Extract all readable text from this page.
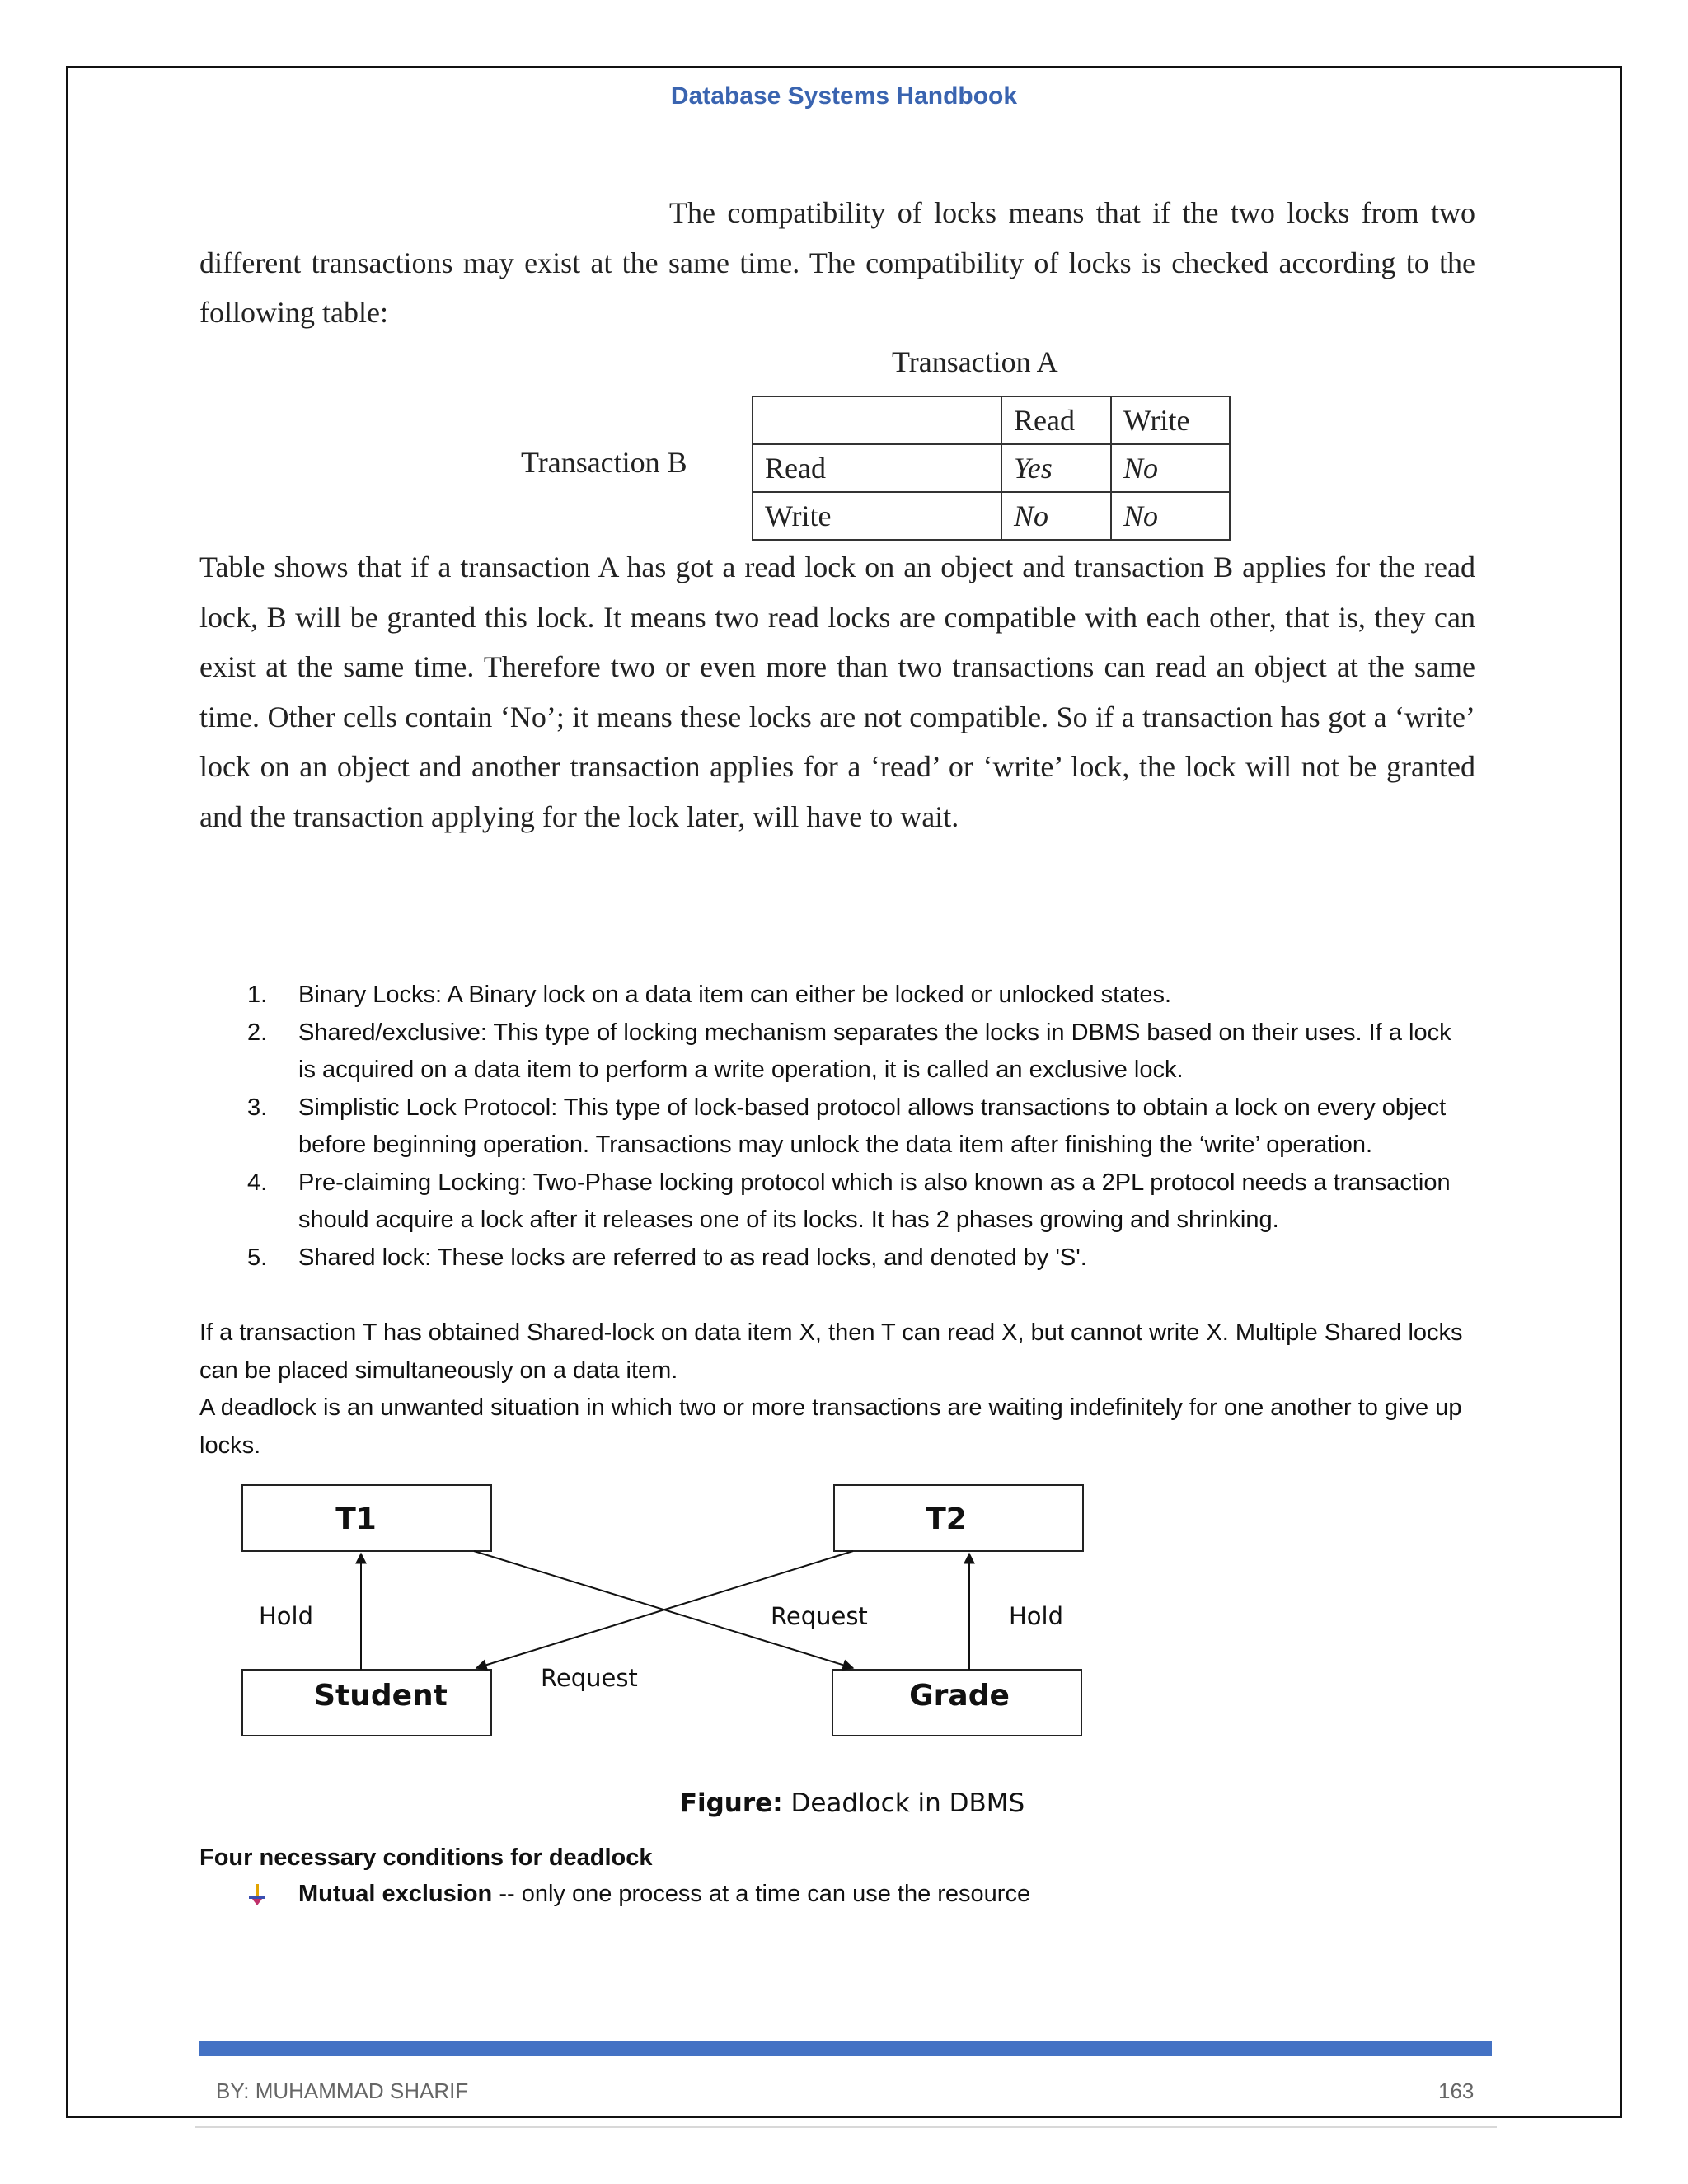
Database Systems Handbook
The compatibility of locks means that if the two locks from two different transactions may exist at the same time. The compatibility of locks is checked according to the following table:
Transaction A
Transaction B
	Read	Write
Read	Yes	No
Write	No	No
Table shows that if a transaction A has got a read lock on an object and transaction B applies for the read lock, B will be granted this lock. It means two read locks are compatible with each other, that is, they can exist at the same time. Therefore two or even more than two transactions can read an object at the same time. Other cells contain ‘No’; it means these locks are not compatible. So if a transaction has got a ‘write’ lock on an object and another transaction applies for a ‘read’ or ‘write’ lock, the lock will not be granted and the transaction applying for the lock later, will have to wait.
Binary Locks: A Binary lock on a data item can either be locked or unlocked states.
Shared/exclusive: This type of locking mechanism separates the locks in DBMS based on their uses. If a lock is acquired on a data item to perform a write operation, it is called an exclusive lock.
Simplistic Lock Protocol: This type of lock-based protocol allows transactions to obtain a lock on every object before beginning operation. Transactions may unlock the data item after finishing the ‘write’ operation.
Pre-claiming Locking: Two-Phase locking protocol which is also known as a 2PL protocol needs a transaction should acquire a lock after it releases one of its locks. It has 2 phases growing and shrinking.
Shared lock: These locks are referred to as read locks, and denoted by 'S'.
If a transaction T has obtained Shared-lock on data item X, then T can read X, but cannot write X. Multiple Shared locks can be placed simultaneously on a data item.
A deadlock is an unwanted situation in which two or more transactions are waiting indefinitely for one another to give up locks.
T1	T2
Student	Grade
Hold	Hold
Request
Request
Figure: Deadlock in DBMS
Four necessary conditions for deadlock
Mutual exclusion -- only one process at a time can use the resource
BY: MUHAMMAD SHARIF	163
